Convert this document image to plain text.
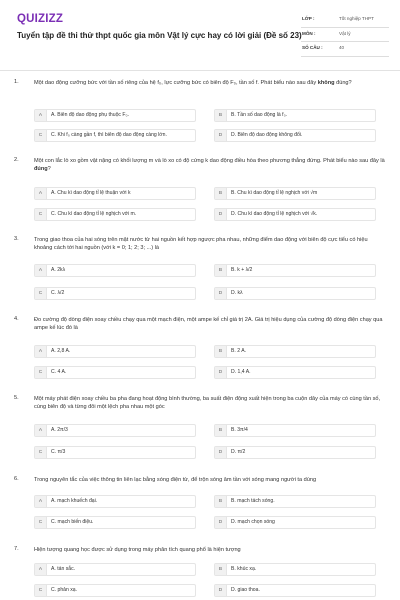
QUIZIZZ
Tuyển tập đề thi thử thpt quốc gia môn Vật lý cực hay có lời giải (Đề số 23)
LỚP :	Tốt nghiệp THPT
MÔN :	Vật lý
SỐ CÂU :	40
1.	Một dao động cưỡng bức với tần số riêng của hệ f₀, lực cưỡng bức có biên độ F₀, tần số f. Phát biểu nào sau đây không đúng?
A	A. Biên độ dao động phụ thuộc F₀.	B	B. Tần số dao động là f₀.
C	C. Khi f₀ càng gần f, thì biên độ dao động càng lớn.	D	D. Biên độ dao động không đổi.
2.	Một con lắc lò xo gồm vật nặng có khối lượng m và lò xo có độ cứng k dao động điều hòa theo phương thẳng đứng. Phát biểu nào sau đây là đúng?
A	A. Chu kì dao động tỉ lệ thuận với k	B	B. Chu kì dao động tỉ lệ nghịch với √m
C	C. Chu kì dao động tỉ lệ nghịch với m.	D	D. Chu kì dao động tỉ lệ nghịch với √k.
3.	Trong giao thoa của hai sóng trên mặt nước từ hai nguồn kết hợp ngược pha nhau, những điểm dao động với biên độ cực tiểu có hiệu khoảng cách tới hai nguồn (với k = 0; 1; 2; 3; ...) là
A	A. 2kλ	B	B. k + λ/2
C	C. λ/2	D	D. kλ
4.	Đo cường độ dòng điện xoay chiều chạy qua một mạch điện, một ampe kế chỉ giá trị 2A. Giá trị hiệu dụng của cường độ dòng điện chạy qua ampe kế lúc đó là
A	A. 2,8 A.	B	B. 2 A.
C	C. 4 A.	D	D. 1,4 A.
5.	Một máy phát điện xoay chiều ba pha đang hoạt động bình thường, ba suất điện động xuất hiện trong ba cuộn dây của máy có cùng tần số, cùng biên độ và từng đôi một lệch pha nhau một góc
A	A. 2π/3	B	B. 3π/4
C	C. π/3	D	D. π/2
6.	Trong nguyên tắc của việc thông tin liên lạc bằng sóng điện từ, để trộn sóng âm tần với sóng mang người ta dùng
A	A. mạch khuếch đại.	B	B. mạch tách sóng.
C	C. mạch biến điệu.	D	D. mạch chọn sóng
7.	Hiện tượng quang học được sử dụng trong máy phân tích quang phổ là hiện tượng
A	A. tán sắc.	B	B. khúc xạ.
C	C. phản xạ.	D	D. giao thoa.
